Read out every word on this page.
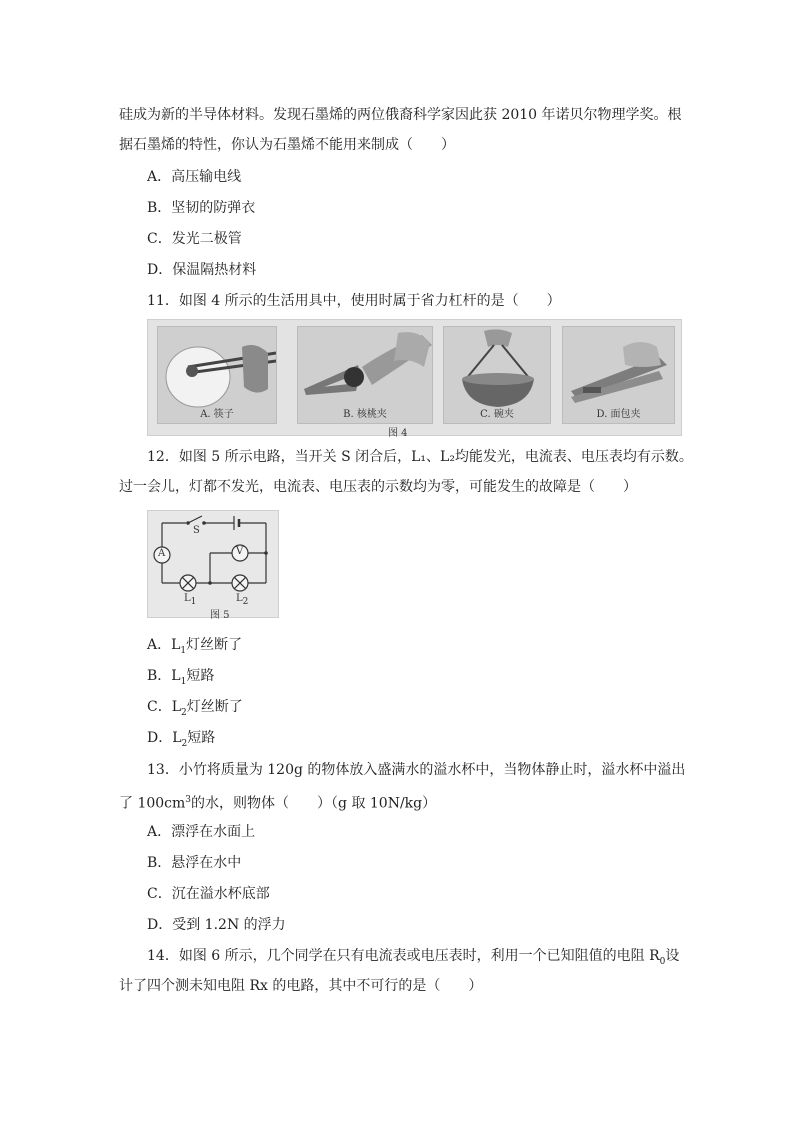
硅成为新的半导体材料。发现石墨烯的两位俄裔科学家因此获 2010 年诺贝尔物理学奖。根
据石墨烯的特性，你认为石墨烯不能用来制成（　　）
A．高压输电线
B．坚韧的防弹衣
C．发光二极管
D．保温隔热材料
11．如图 4 所示的生活用具中，使用时属于省力杠杆的是（　　）
A. 筷子	B. 核桃夹	C. 碗夹	D. 面包夹
图 4
12．如图 5 所示电路，当开关 S 闭合后，L₁、L₂均能发光，电流表、电压表均有示数。
过一会儿，灯都不发光，电流表、电压表的示数均为零，可能发生的故障是（　　）
S
A	V
$L_1$	$L_2$
图 5
A．$L_1$灯丝断了
B．$L_1$短路
C．$L_2$灯丝断了
D．$L_2$短路
13．小竹将质量为 120g 的物体放入盛满水的溢水杯中，当物体静止时，溢水杯中溢出
了 $100cm^3$的水，则物体（　　）（g 取 10N/kg）
A．漂浮在水面上
B．悬浮在水中
C．沉在溢水杯底部
D．受到 1.2N 的浮力
14．如图 6 所示，几个同学在只有电流表或电压表时，利用一个已知阻值的电阻 $R_0$设
计了四个测未知电阻 Rx 的电路，其中不可行的是（　　）
